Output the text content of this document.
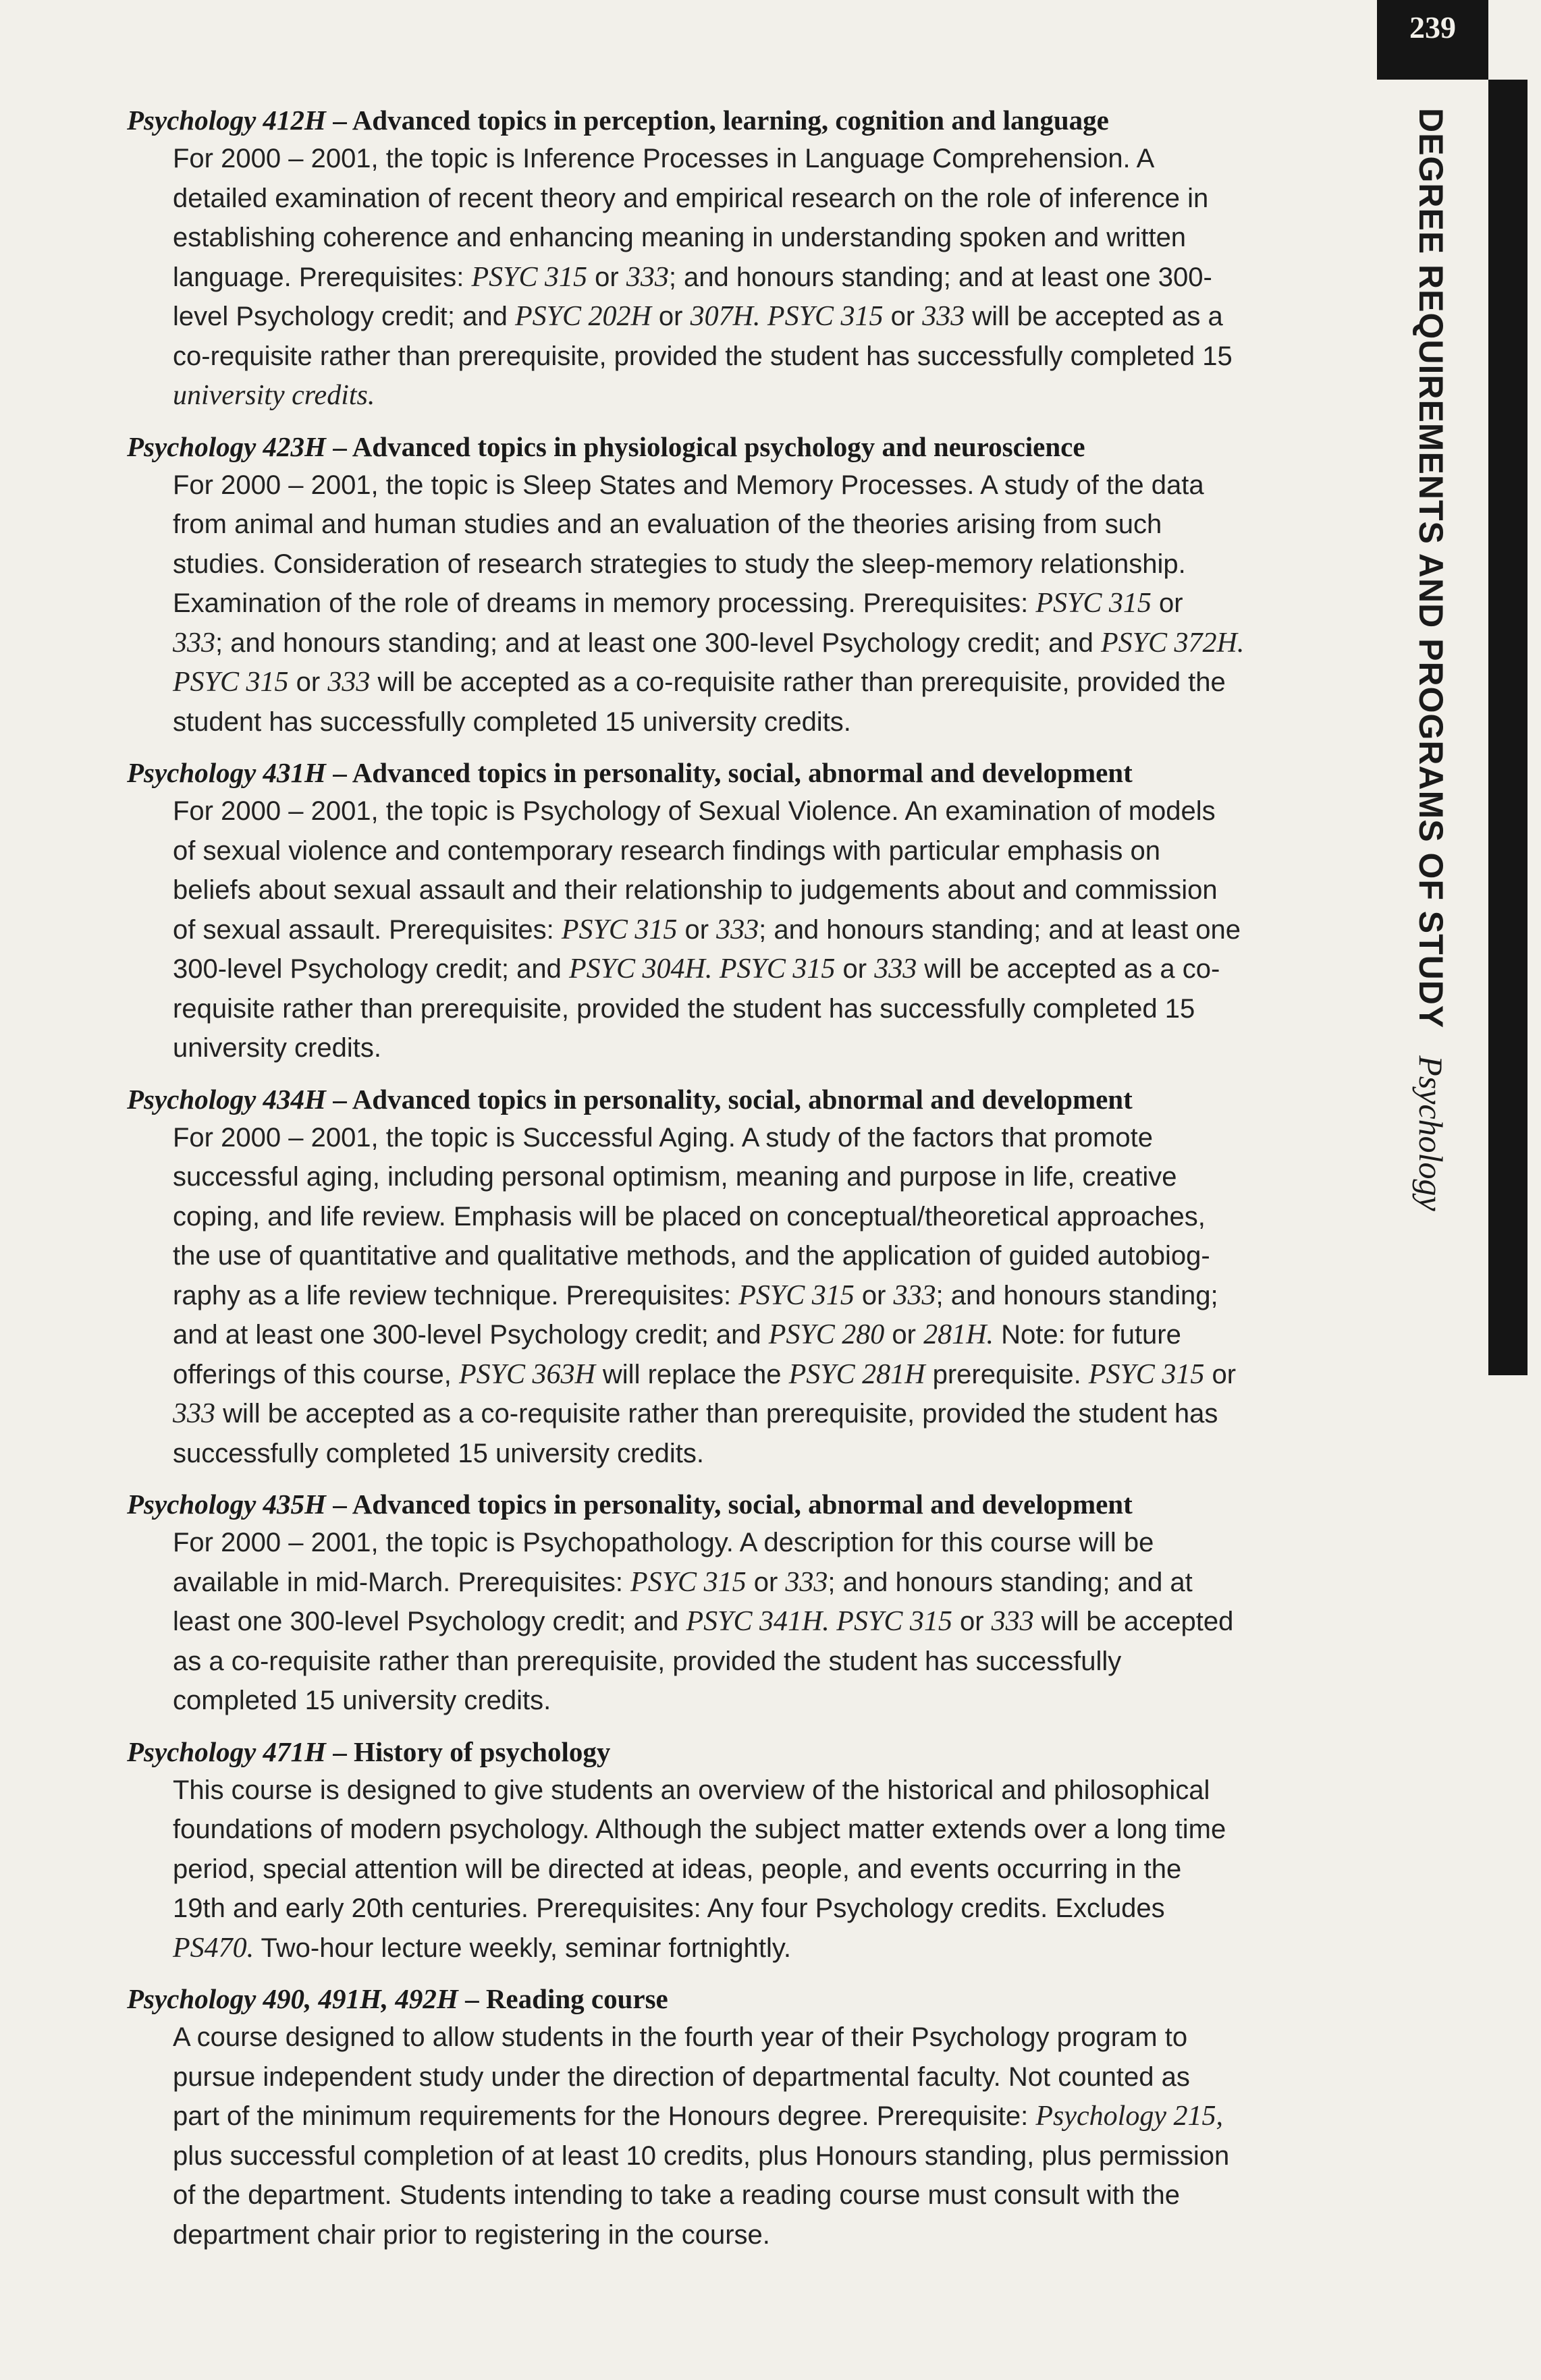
239
DEGREE REQUIREMENTS AND PROGRAMS OF STUDY
Psychology
Psychology 412H – Advanced topics in perception, learning, cognition and language
For 2000 – 2001, the topic is Inference Processes in Language Comprehension. A
detailed examination of recent theory and empirical research on the role of inference in
establishing coherence and enhancing meaning in understanding spoken and written
language. Prerequisites: PSYC 315 or 333; and honours standing; and at least one 300-
level Psychology credit; and PSYC 202H or 307H. PSYC 315 or 333 will be accepted as a
co-requisite rather than prerequisite, provided the student has successfully completed 15
university credits.
Psychology 423H – Advanced topics in physiological psychology and neuroscience
For 2000 – 2001, the topic is Sleep States and Memory Processes. A study of the data
from animal and human studies and an evaluation of the theories arising from such
studies. Consideration of research strategies to study the sleep-memory relationship.
Examination of the role of dreams in memory processing. Prerequisites: PSYC 315 or
333; and honours standing; and at least one 300-level Psychology credit; and PSYC 372H.
PSYC 315 or 333 will be accepted as a co-requisite rather than prerequisite, provided the
student has successfully completed 15 university credits.
Psychology 431H – Advanced topics in personality, social, abnormal and development
For 2000 – 2001, the topic is Psychology of Sexual Violence. An examination of models
of sexual violence and contemporary research findings with particular emphasis on
beliefs about sexual assault and their relationship to judgements about and commission
of sexual assault. Prerequisites: PSYC 315 or 333; and honours standing; and at least one
300-level Psychology credit; and PSYC 304H. PSYC 315 or 333 will be accepted as a co-
requisite rather than prerequisite, provided the student has successfully completed 15
university credits.
Psychology 434H – Advanced topics in personality, social, abnormal and development
For 2000 – 2001, the topic is Successful Aging. A study of the factors that promote
successful aging, including personal optimism, meaning and purpose in life, creative
coping, and life review. Emphasis will be placed on conceptual/theoretical approaches,
the use of quantitative and qualitative methods, and the application of guided autobiog-
raphy as a life review technique. Prerequisites: PSYC 315 or 333; and honours standing;
and at least one 300-level Psychology credit; and PSYC 280 or 281H. Note: for future
offerings of this course, PSYC 363H will replace the PSYC 281H prerequisite. PSYC 315 or
333 will be accepted as a co-requisite rather than prerequisite, provided the student has
successfully completed 15 university credits.
Psychology 435H – Advanced topics in personality, social, abnormal and development
For 2000 – 2001, the topic is Psychopathology. A description for this course will be
available in mid-March. Prerequisites: PSYC 315 or 333; and honours standing; and at
least one 300-level Psychology credit; and PSYC 341H. PSYC 315 or 333 will be accepted
as a co-requisite rather than prerequisite, provided the student has successfully
completed 15 university credits.
Psychology 471H – History of psychology
This course is designed to give students an overview of the historical and philosophical
foundations of modern psychology. Although the subject matter extends over a long time
period, special attention will be directed at ideas, people, and events occurring in the
19th and early 20th centuries. Prerequisites: Any four Psychology credits. Excludes
PS470. Two-hour lecture weekly, seminar fortnightly.
Psychology 490, 491H, 492H – Reading course
A course designed to allow students in the fourth year of their Psychology program to
pursue independent study under the direction of departmental faculty. Not counted as
part of the minimum requirements for the Honours degree. Prerequisite: Psychology 215,
plus successful completion of at least 10 credits, plus Honours standing, plus permission
of the department. Students intending to take a reading course must consult with the
department chair prior to registering in the course.
